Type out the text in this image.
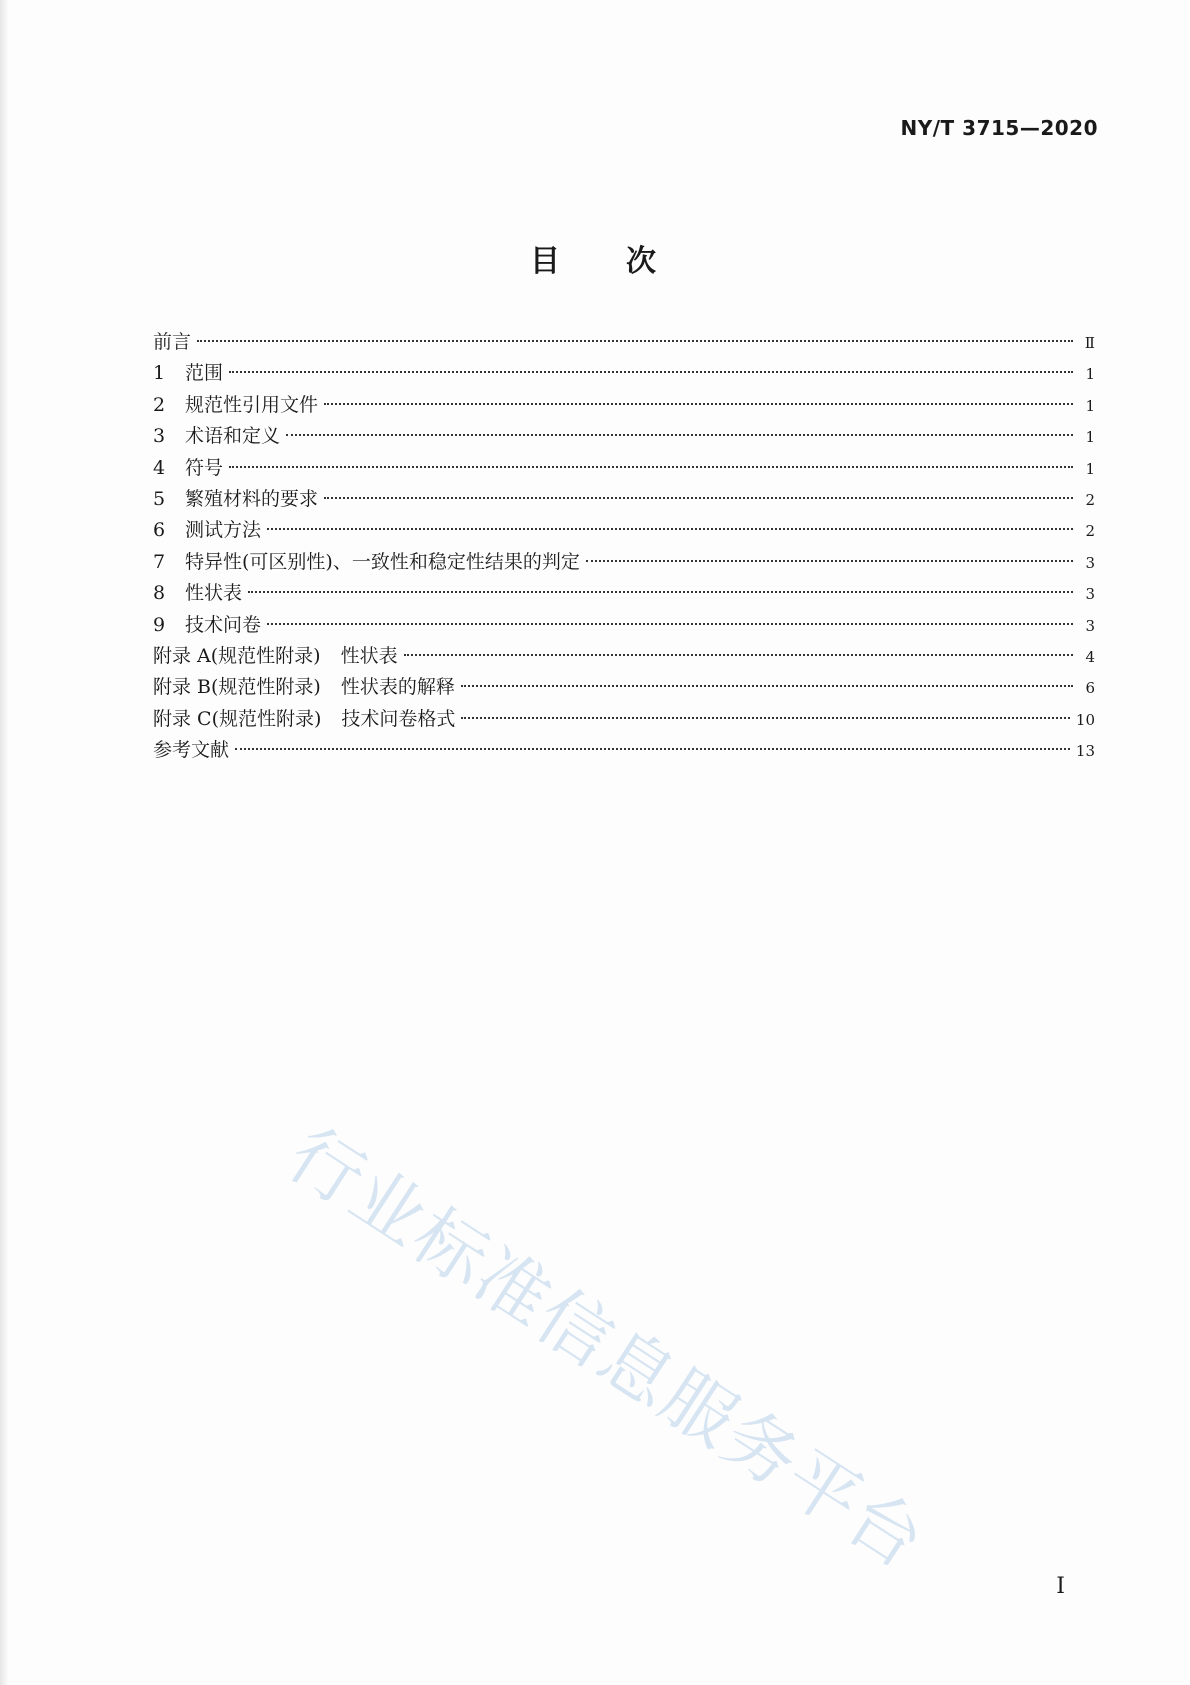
NY/T 3715—2020
目 次
前言	Ⅱ
1	范围	1
2	规范性引用文件	1
3	术语和定义	1
4	符号	1
5	繁殖材料的要求	2
6	测试方法	2
7	特异性(可区别性)、一致性和稳定性结果的判定	3
8	性状表	3
9	技术问卷	3
附录 A(规范性附录) 性状表	4
附录 B(规范性附录) 性状表的解释	6
附录 C(规范性附录) 技术问卷格式	10
参考文献	13
行业标准信息服务平台
I
